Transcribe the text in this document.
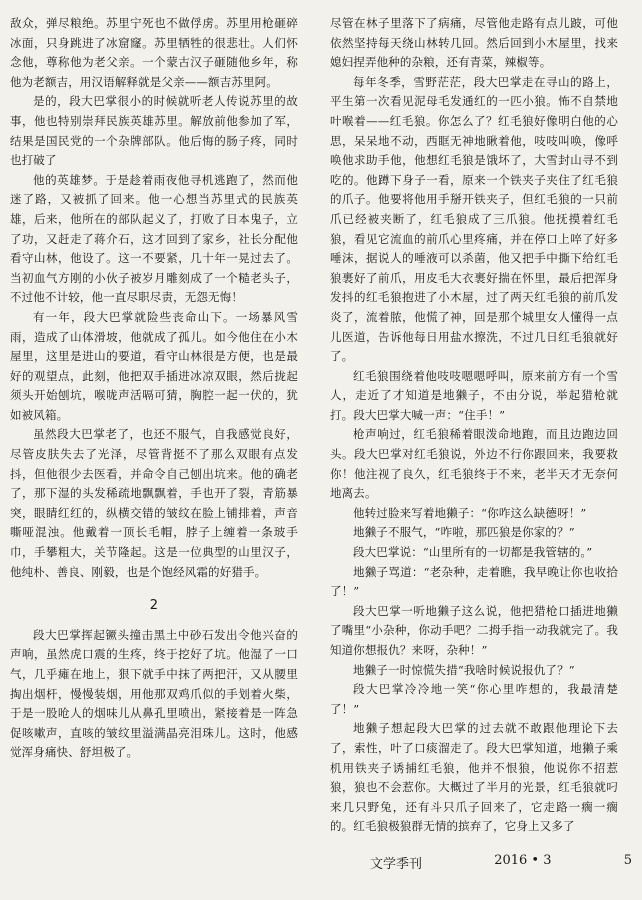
敌众，弹尽粮绝。苏里宁死也不做俘虏。苏里用枪砸碎冰面，只身跳进了冰窟窿。苏里牺牲的很悲壮。人们怀念他，尊称他为老父亲。一个蒙古汉子砸随他乡年，称他为老额吉，用汉语解释就是父亲——额吉苏里阿。

是的，段大巴掌很小的时候就听老人传说苏里的故事，他也特别崇拜民族英雄苏里。解放前他参加了军，结果是国民党的一个杂牌部队。他后悔的肠子疼，同时也打破了

他的英雄梦。于是趁着雨夜他寻机逃跑了，然而他迷了路，又被抓了回来。他一心想当苏里式的民族英雄，后来，他所在的部队起义了，打败了日本鬼子，立了功，又赶走了蒋介石，这才回到了家乡，社长分配他看守山林，他设了。这一不要紧，几十年一晃过去了。当初血气方刚的小伙子被岁月雕刻成了一个糙老头子，不过他不计较，他一直尽职尽责，无怨无悔！

有一年，段大巴掌就险些丧命山下。一场暴风雪雨，造成了山体滑坡，他就成了孤儿。如今他住在小木屋里，这里是进山的要道，看守山林很是方便，也是最好的观望点，此刻，他把双手插进冰凉双眼，然后拢起须头开始刨坑，喉咙声活嗝可猜，胸腔一起一伏的，犹如被风箱。

虽然段大巴掌老了，也还不服气，自我感觉良好，尽管皮肤失去了光泽，尽管背挺不了那么双眼有点发抖，但他很少去医看，并命令自己刨出坑来。他的确老了，那下湿的头发稀疏地飘飘着，手也开了裂，青筋暴突，眼睛红红的，纵横交错的皱纹在脸上铺排着，声音嘶哑混浊。他戴着一顶长毛帽，脖子上缠着一条玻手巾，手攀粗大，关节隆起。这是一位典型的山里汉子，他纯朴、善良、刚毅，也是个饱经风霜的好猎手。

2

段大巴掌挥起镢头撞击黑土中砂石发出令他兴奋的声响，虽然虎口震的生疼，终于挖好了坑。他湿了一口气，几乎瘫在地上，狠下就手中抹了两把汗，又从腰里掏出烟杆，慢慢装烟，用他那双鸡爪似的手划着火柴，于是一股呛人的烟味儿从鼻孔里喷出，紧接着是一阵急促咳嗽声，直咳的皱纹里溢满晶亮泪珠儿。这时，他感觉浑身痛快、舒坦极了。

尽管在林子里落下了病痛，尽管他走路有点儿跛，可他依然坚持每天绕山林转几回。然后回到小木屋里，找来媳妇捏弄他种的杂粮，还有青菜，辣椒等。

每年冬季，雪野茫茫，段大巴掌走在寻山的路上，平生第一次看见泥母毛发通红的一匹小狼。怖不自禁地叶喉着——红毛狼。你怎么了？红毛狼好像明白他的心思，呆呆地不动，西眶无神地瞅着他，吱吱叫唤，像呼唤他求助手他，他想红毛狼是饿坏了，大雪封山寻不到吃的。他蹲下身子一看，原来一个铁夹子夹住了红毛狼的爪子。他要将他用手掰开铁夹子，但红毛狼的一只前爪已经被夹断了，红毛狼成了三爪狼。他抚摸着红毛狼，看见它流血的前爪心里疼痛，并在停口上啐了好多唾沫，据说人的唾液可以杀菌，他又把手中撕下给红毛狼裹好了前爪，用皮毛大衣裹好揣在怀里，最后把浑身发抖的红毛狼抱进了小木屋，过了两天红毛狼的前爪发炎了，流着脓，他慌了神，回是那个城里女人懂得一点儿医道，告诉他每日用盐水擦洗，不过几日红毛狼就好了。

红毛狼围绕着他吱吱嗯嗯呼叫，原来前方有一个雪人，走近了才知道是地獭子，不由分说，举起猎枪就打。段大巴掌大喊一声：“住手！”

枪声响过，红毛狼稀着眼泼命地跑，而且边跑边回头。段大巴掌对红毛狼说，外边不行你跟回来，我要救你！他注视了良久，红毛狼终于不来，老半天才无奈何地离去。

他转过脸来写着地獭子：“你咋这么缺德呀！”

地獭子不服气，“咋啦，那匹狼是你家的？”

段大巴掌说：“山里所有的一切都是我管辖的。”

地獭子骂道：“老杂种，走着瞧，我早晚让你也收拾了！”

段大巴掌一听地獭子这么说，他把猎枪口插进地獭了嘴里“小杂种，你动手吧？二拇手指一动我就完了。我知道你想报仇？来呀，杂种！”

地獭子一时惊慌失措“我啥时候说报仇了？”

段大巴掌冷冷地一笑“你心里咋想的，我最清楚了！”

地獭子想起段大巴掌的过去就不敢跟他理论下去了，索性，叶了口痰溜走了。段大巴掌知道，地獭子乘机用铁夹子诱捕红毛狼，他并不恨狼，他说你不招惹狼，狼也不会惹你。大概过了半月的光景，红毛狼就叼来几只野兔，还有斗只爪子回来了，它走路一瘸一瘸的。红毛狼极狼群无情的摈弃了，它身上又多了

文学季刊	2016 • 3	5
